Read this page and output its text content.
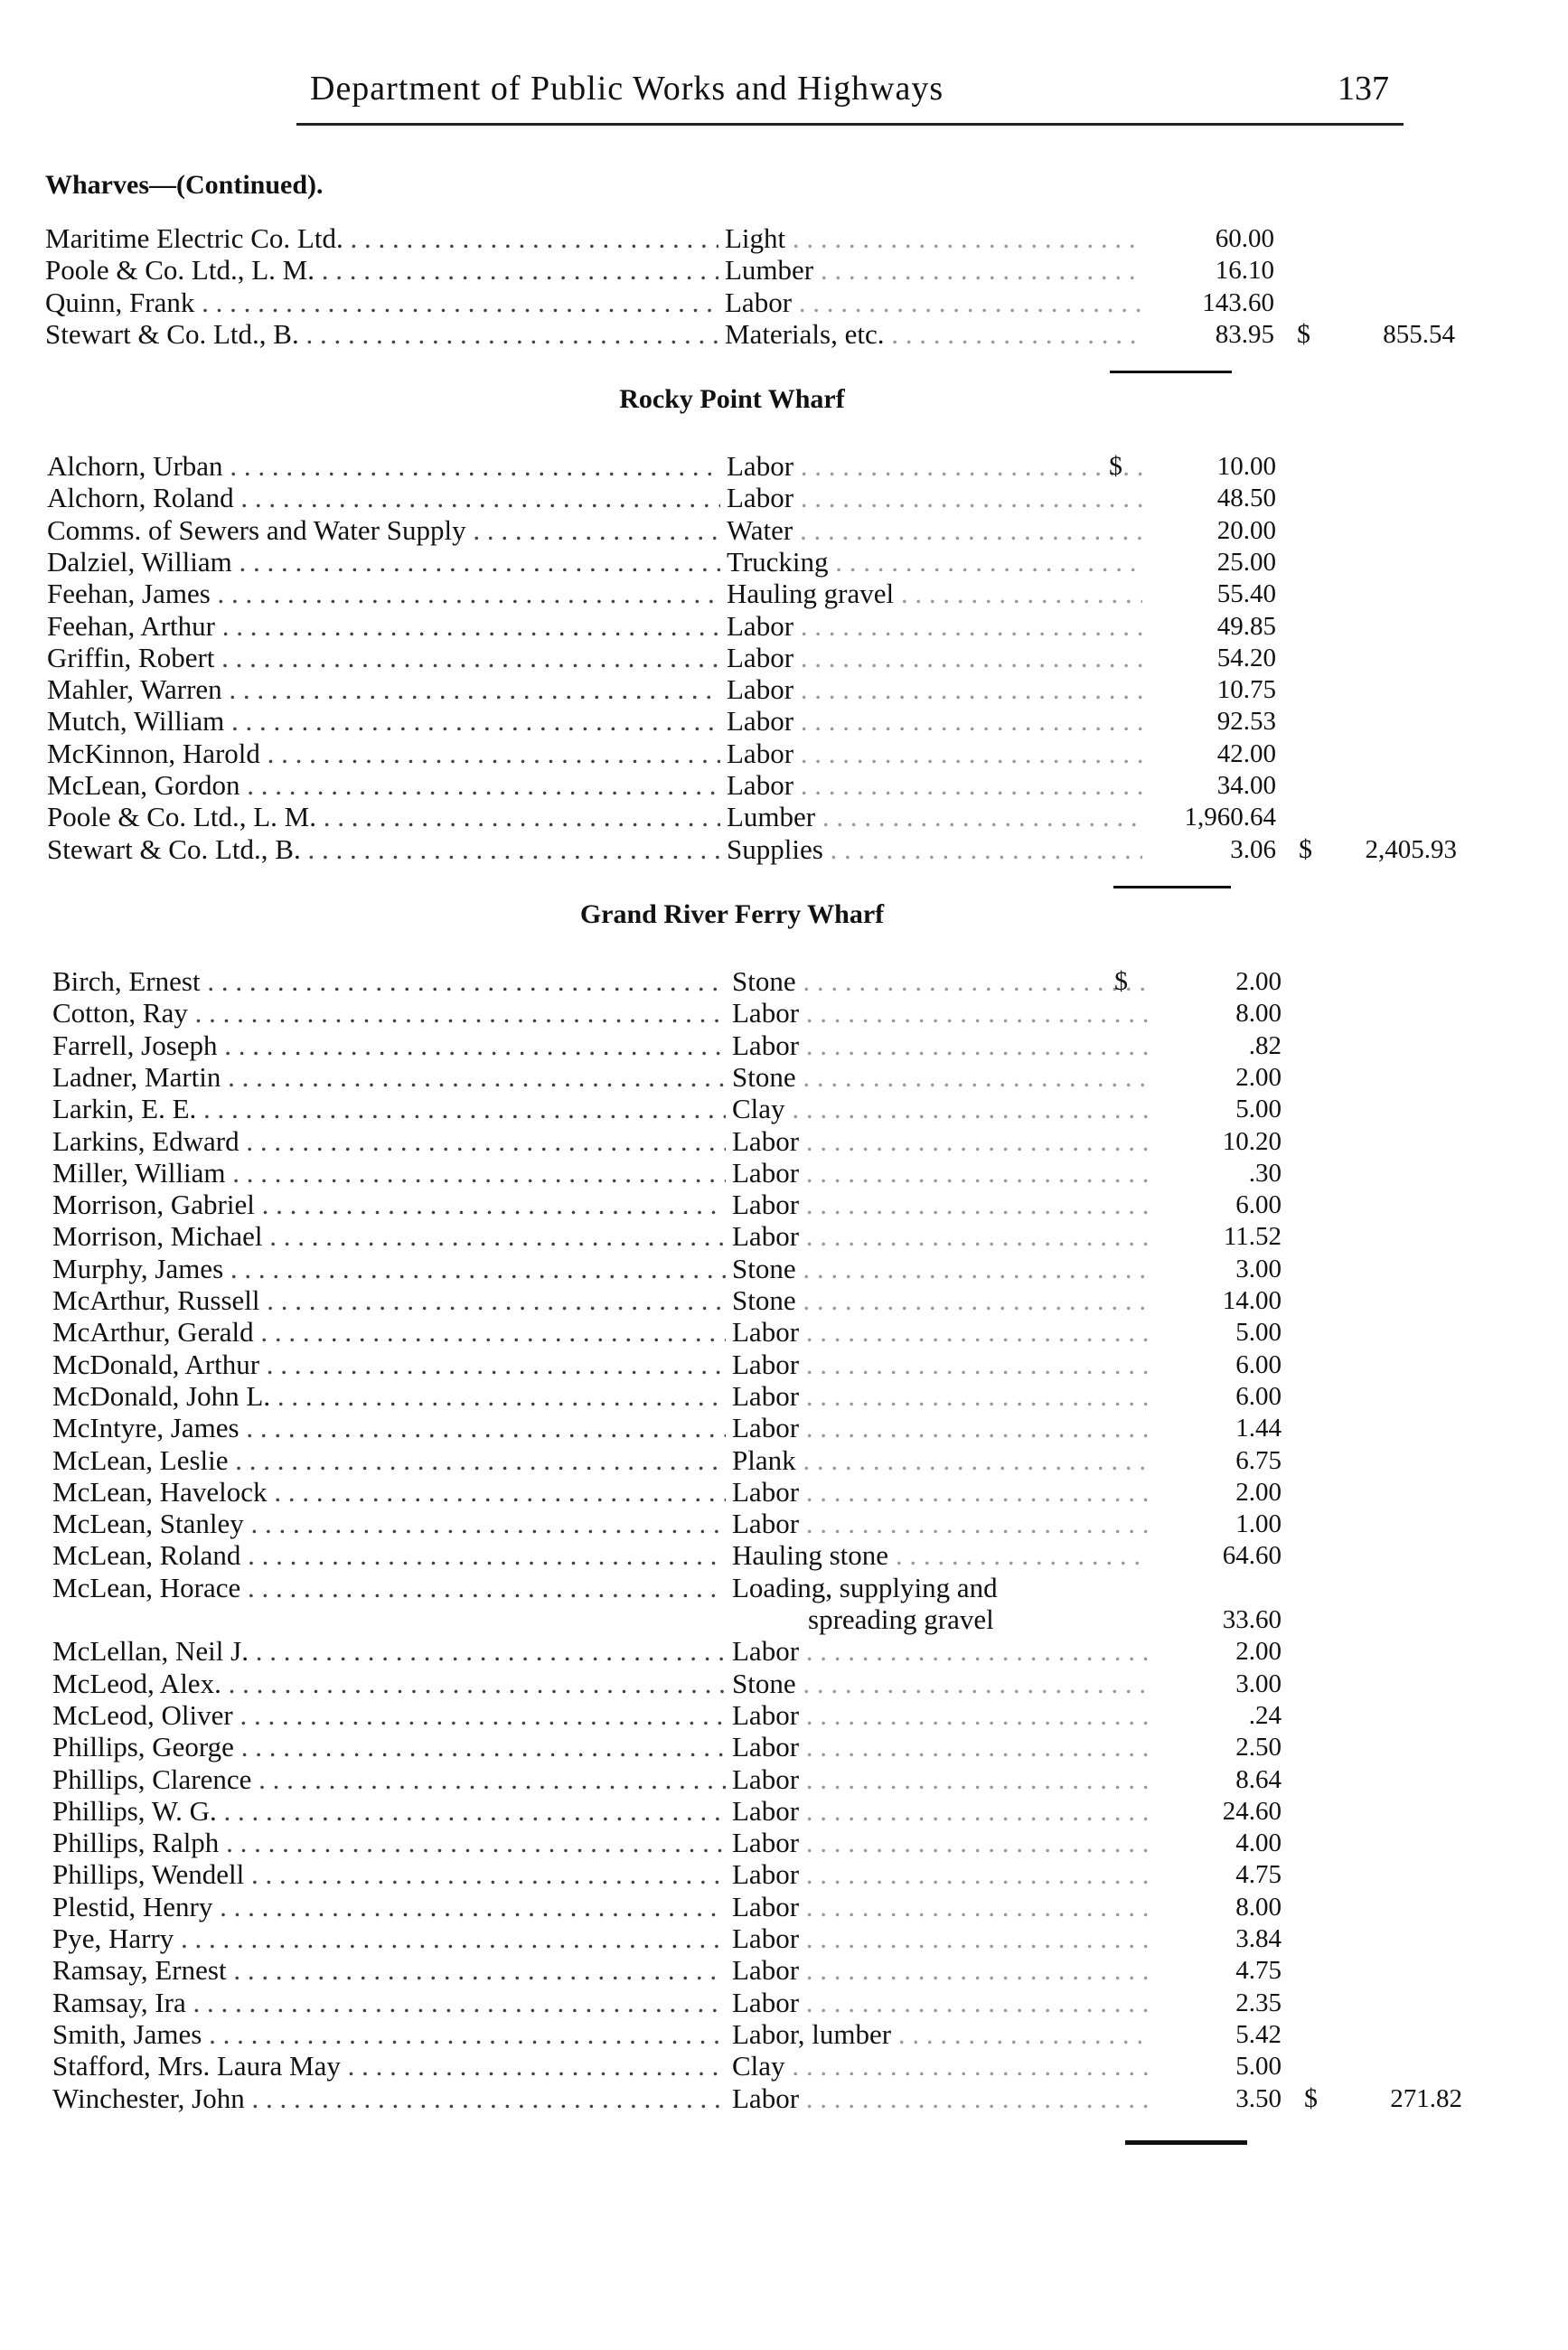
Department of Public Works and Highways	137
Wharves—(Continued).
Maritime Electric Co. Ltd. . . .	Light . . .	60.00
Poole & Co. Ltd., L. M. . . .	Lumber . . .	16.10
Quinn, Frank . . .	Labor . . .	143.60
Stewart & Co. Ltd., B. . . .	Materials, etc. . . .	83.95 $	855.54
Rocky Point Wharf
Alchorn, Urban . . .	Labor . . .	$	10.00
Alchorn, Roland . . .	Labor . . .	48.50
Comms. of Sewers and Water Supply . . .	Water . . .	20.00
Dalziel, William . . .	Trucking . . .	25.00
Feehan, James . . .	Hauling gravel . . .	55.40
Feehan, Arthur . . .	Labor . . .	49.85
Griffin, Robert . . .	Labor . . .	54.20
Mahler, Warren . . .	Labor . . .	10.75
Mutch, William . . .	Labor . . .	92.53
McKinnon, Harold . . .	Labor . . .	42.00
McLean, Gordon . . .	Labor . . .	34.00
Poole & Co. Ltd., L. M. . . .	Lumber . . .	1,960.64
Stewart & Co. Ltd., B. . . .	Supplies . . .	3.06 $	2,405.93
Grand River Ferry Wharf
Birch, Ernest . . .	Stone . . .	$	2.00
Cotton, Ray . . .	Labor . . .	8.00
Farrell, Joseph . . .	Labor . . .	.82
Ladner, Martin . . .	Stone . . .	2.00
Larkin, E. E. . . .	Clay . . .	5.00
Larkins, Edward . . .	Labor . . .	10.20
Miller, William . . .	Labor . . .	.30
Morrison, Gabriel . . .	Labor . . .	6.00
Morrison, Michael . . .	Labor . . .	11.52
Murphy, James . . .	Stone . . .	3.00
McArthur, Russell . . .	Stone . . .	14.00
McArthur, Gerald . . .	Labor . . .	5.00
McDonald, Arthur . . .	Labor . . .	6.00
McDonald, John L. . . .	Labor . . .	6.00
McIntyre, James . . .	Labor . . .	1.44
McLean, Leslie . . .	Plank . . .	6.75
McLean, Havelock . . .	Labor . . .	2.00
McLean, Stanley . . .	Labor . . .	1.00
McLean, Roland . . .	Hauling stone . . .	64.60
McLean, Horace . . .	Loading, supplying and
spreading gravel	33.60
McLellan, Neil J. . . .	Labor . . .	2.00
McLeod, Alex. . . .	Stone . . .	3.00
McLeod, Oliver . . .	Labor . . .	.24
Phillips, George . . .	Labor . . .	2.50
Phillips, Clarence . . .	Labor . . .	8.64
Phillips, W. G. . . .	Labor . . .	24.60
Phillips, Ralph . . .	Labor . . .	4.00
Phillips, Wendell . . .	Labor . . .	4.75
Plestid, Henry . . .	Labor . . .	8.00
Pye, Harry . . .	Labor . . .	3.84
Ramsay, Ernest . . .	Labor . . .	4.75
Ramsay, Ira . . .	Labor . . .	2.35
Smith, James . . .	Labor, lumber . . .	5.42
Stafford, Mrs. Laura May . . .	Clay . . .	5.00
Winchester, John . . .	Labor . . .	3.50 $	271.82
